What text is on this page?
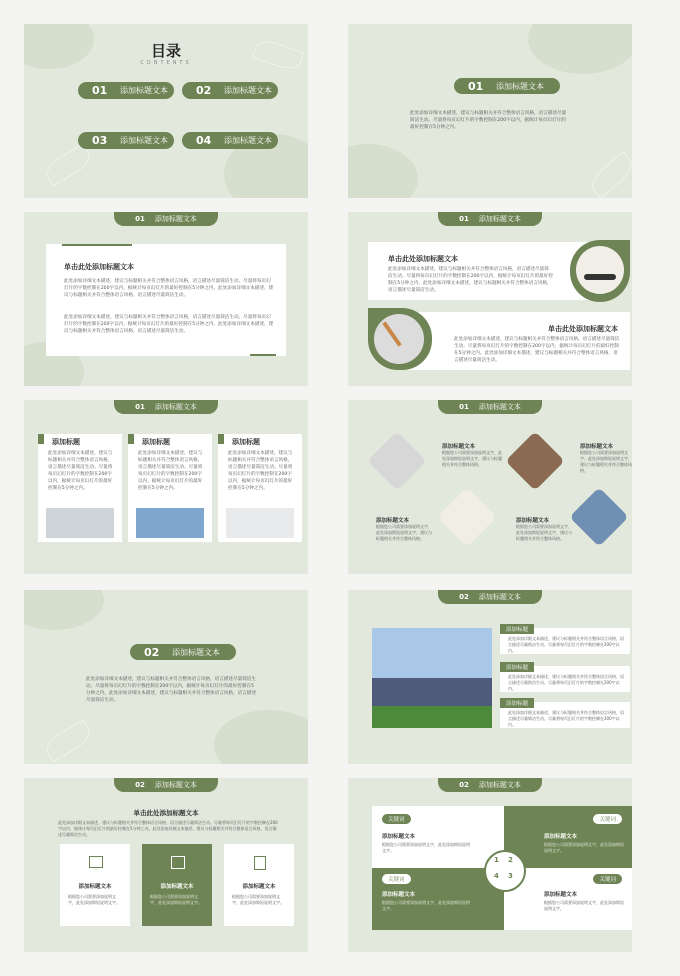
目录
CONTENTS
01	添加标题文本	02	添加标题文本
03	添加标题文本	04	添加标题文本
01	添加标题文本
此处添加详细文本描述，建议与标题相关并符合整体语言风格，语言描述尽量简洁生动。尽量将每页幻灯片的字数控制在200字以内，据统计每页幻灯片的最好控制在5分钟之内。
01 添加标题文本
单击此处添加标题文本
此处添加详细文本描述，建议与标题相关并符合整体语言风格，语言描述尽量简洁生动。尽量将每页幻灯片的字数控制在200字以内，据统计每页幻灯片的最好控制在5分钟之内。此处添加详细文本描述，建议与标题相关并符合整体语言风格，语言描述尽量简洁生动。
此处添加详细文本描述，建议与标题相关并符合整体语言风格，语言描述尽量简洁生动。尽量将每页幻灯片的字数控制在200字以内，据统计每页幻灯片的最好控制在5分钟之内。此处添加详细文本描述，建议与标题相关并符合整体语言风格，语言描述尽量简洁生动。
01 添加标题文本
单击此处添加标题文本
此处添加详细文本描述，建议与标题相关并符合整体语言风格，语言描述尽量简洁生动。尽量将每页幻灯片的字数控制在200字以内，据统计每页幻灯片的最好控制在5分钟之内。此处添加详细文本描述，建议与标题相关并符合整体语言风格，语言描述尽量简洁生动。
单击此处添加标题文本
此处添加详细文本描述，建议与标题相关并符合整体语言风格，语言描述尽量简洁生动。尽量将每页幻灯片的字数控制在200字以内，据统计每页幻灯片的最好控制在5分钟之内。此处添加详细文本描述，建议与标题相关并符合整体语言风格，语言描述尽量简洁生动。
01 添加标题文本
添加标题
此处添加详细文本描述，建议与标题相关并符合整体语言风格，语言描述尽量简洁生动。尽量将每页幻灯片的字数控制在200字以内，据统计每页幻灯片的最好控制在5分钟之内。
添加标题
此处添加详细文本描述，建议与标题相关并符合整体语言风格，语言描述尽量简洁生动。尽量将每页幻灯片的字数控制在200字以内，据统计每页幻灯片的最好控制在5分钟之内。
添加标题
此处添加详细文本描述，建议与标题相关并符合整体语言风格，语言描述尽量简洁生动。尽量将每页幻灯片的字数控制在200字以内，据统计每页幻灯片的最好控制在5分钟之内。
01 添加标题文本
添加标题文本
根据您公司需要添加说明文字，此处添加简短说明文字，建议与标题相关并符合整体风格。
添加标题文本
根据您公司需要添加说明文字，此处添加简短说明文字，建议与标题相关并符合整体风格。
添加标题文本
根据您公司需要添加说明文字，此处添加简短说明文字，建议与标题相关并符合整体风格。
添加标题文本
根据您公司需要添加说明文字，此处添加简短说明文字，建议与标题相关并符合整体风格。
02	添加标题文本
此处添加详细文本描述，建议与标题相关并符合整体语言风格，语言描述尽量简洁生动。尽量将每页幻灯片的字数控制在200字以内，据统计每页幻灯片的最好控制在5分钟之内。此处添加详细文本描述，建议与标题相关并符合整体语言风格，语言描述尽量简洁生动。
02 添加标题文本
添加标题
此处添加详细文本描述，建议与标题相关并符合整体语言风格，语言描述尽量简洁生动。尽量将每页幻灯片的字数控制在200字以内。
添加标题
此处添加详细文本描述，建议与标题相关并符合整体语言风格，语言描述尽量简洁生动。尽量将每页幻灯片的字数控制在200字以内。
添加标题
此处添加详细文本描述，建议与标题相关并符合整体语言风格，语言描述尽量简洁生动。尽量将每页幻灯片的字数控制在200字以内。
02 添加标题文本
单击此处添加标题文本
此处添加详细文本描述，建议与标题相关并符合整体语言风格，语言描述尽量简洁生动。尽量将每页幻灯片的字数控制在200字以内，据统计每页幻灯片的最好控制在5分钟之内。此处添加详细文本描述，建议与标题相关并符合整体语言风格，语言描述尽量简洁生动。
添加标题文本
根据您公司需要添加说明文字，此处添加简短说明文字。
添加标题文本
根据您公司需要添加说明文字，此处添加简短说明文字。
添加标题文本
根据您公司需要添加说明文字，此处添加简短说明文字。
02 添加标题文本
关键词
添加标题文本
根据您公司需要添加说明文字，此处添加简短说明文字。
关键词
添加标题文本
根据您公司需要添加说明文字，此处添加简短说明文字。
关键词
添加标题文本
根据您公司需要添加说明文字，此处添加简短说明文字。
关键词
添加标题文本
根据您公司需要添加说明文字，此处添加简短说明文字。
1 2
4 3
